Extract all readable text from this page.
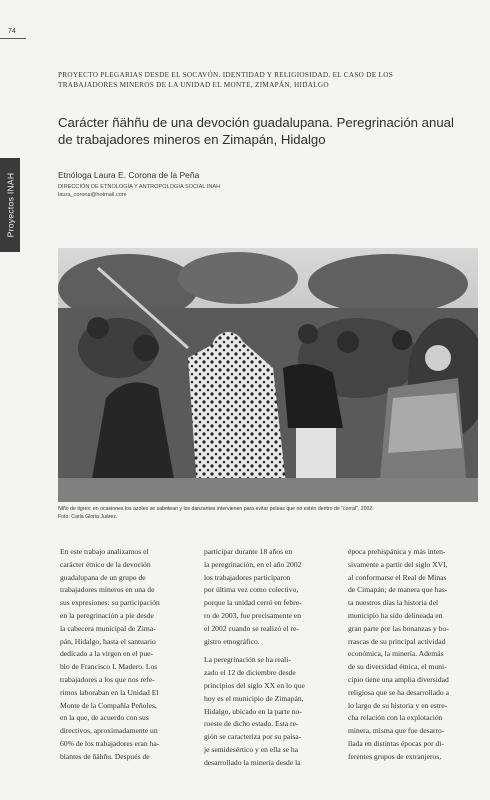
74
Proyectos INAH
PROYECTO PLEGARIAS DESDE EL SOCAVÓN. IDENTIDAD Y RELIGIOSIDAD. EL CASO DE LOS
TRABAJADORES MINEROS DE LA UNIDAD EL MONTE, ZIMAPÁN, HIDALGO
Carácter ñähñu de una devoción guadalupana. Peregrinación anual
de trabajadores mineros en Zimapán, Hidalgo
Etnóloga Laura E. Corona de la Peña
DIRECCIÓN DE ETNOLOGÍA Y ANTROPOLOGÍA SOCIAL INAH
laura_corona@hotmail.com
Niño de tigres: en ocasiones los azotes se sabotean y los danzantes intervienen para evitar peleas que no estén dentro de "corral", 2002.
Foto: Carla Gloria Juárez.

En este trabajo analizamos el

carácter étnico de la devoción

guadalupana de un grupo de

trabajadores mineros en una de

sus expresiones: su participación

en la peregrinación a pie desde

la cabecera municipal de Zima-

pán, Hidalgo, hasta el santuario

dedicado a la virgen en el pue-

blo de Francisco I. Madero. Los

trabajadores a los que nos refe-

rimos laboraban en la Unidad El

Monte de la Compañía Peñoles,

en la que, de acuerdo con sus

directivos, aproximadamente un

60% de los trabajadores eran ha-

blantes de ñähñu. Después de

participar durante 18 años en

la peregrinación, en el año 2002

los trabajadores participaron

por última vez como colectivo,

porque la unidad cerró en febre-

ro de 2003, fue precisamente en

el 2002 cuando se realizó el re-

gistro etnográfico.

La peregrinación se ha reali-

zado el 12 de diciembre desde

principios del siglo XX en lo que

hoy es el municipio de Zimapán,

Hidalgo, ubicado en la parte no-

roeste de dicho estado. Esta re-

gión se caracteriza por su paisa-

je semidesértico y en ella se ha

desarrollado la minería desde la

época prehispánica y más inten-

sivamente a partir del siglo XVI,

al conformarse el Real de Minas

de Cimapán; de manera que has-

ta nuestros días la historia del

municipio ha sido delineada en

gran parte por las bonanzas y bo-

rrascas de su principal actividad

económica, la minería. Además

de su diversidad étnica, el muni-

cipio tiene una amplia diversidad

religiosa que se ha desarrollado a

lo largo de su historia y en estre-

cha relación con la explotación

minera, misma que fue desarro-

llada en distintas épocas por di-

ferentes grupos de extranjeros,
